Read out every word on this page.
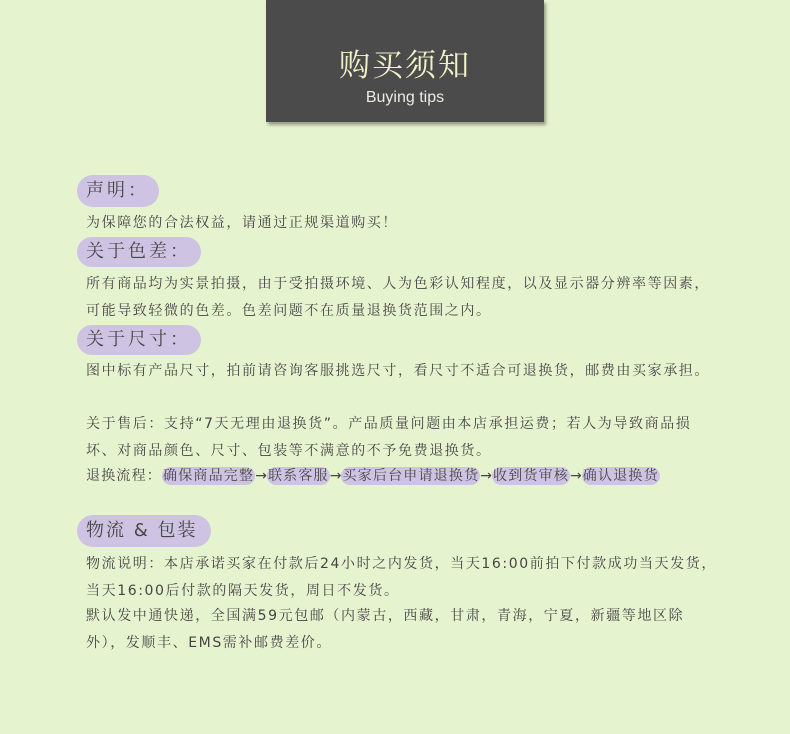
购买须知
Buying tips
声明：
为保障您的合法权益，请通过正规渠道购买！
关于色差：
所有商品均为实景拍摄，由于受拍摄环境、人为色彩认知程度，以及显示器分辨率等因素，可能导致轻微的色差。色差问题不在质量退换货范围之内。
关于尺寸：
图中标有产品尺寸，拍前请咨询客服挑选尺寸，看尺寸不适合可退换货，邮费由买家承担。
关于售后：支持“7天无理由退换货”。产品质量问题由本店承担运费；若人为导致商品损坏、对商品颜色、尺寸、包装等不满意的不予免费退换货。
退换流程：确保商品完整→联系客服→买家后台申请退换货→收到货审核→确认退换货
物流 & 包装
物流说明：本店承诺买家在付款后24小时之内发货，当天16:00前拍下付款成功当天发货，当天16:00后付款的隔天发货，周日不发货。
默认发中通快递，全国满59元包邮（内蒙古，西藏，甘肃，青海，宁夏，新疆等地区除外），发顺丰、EMS需补邮费差价。
